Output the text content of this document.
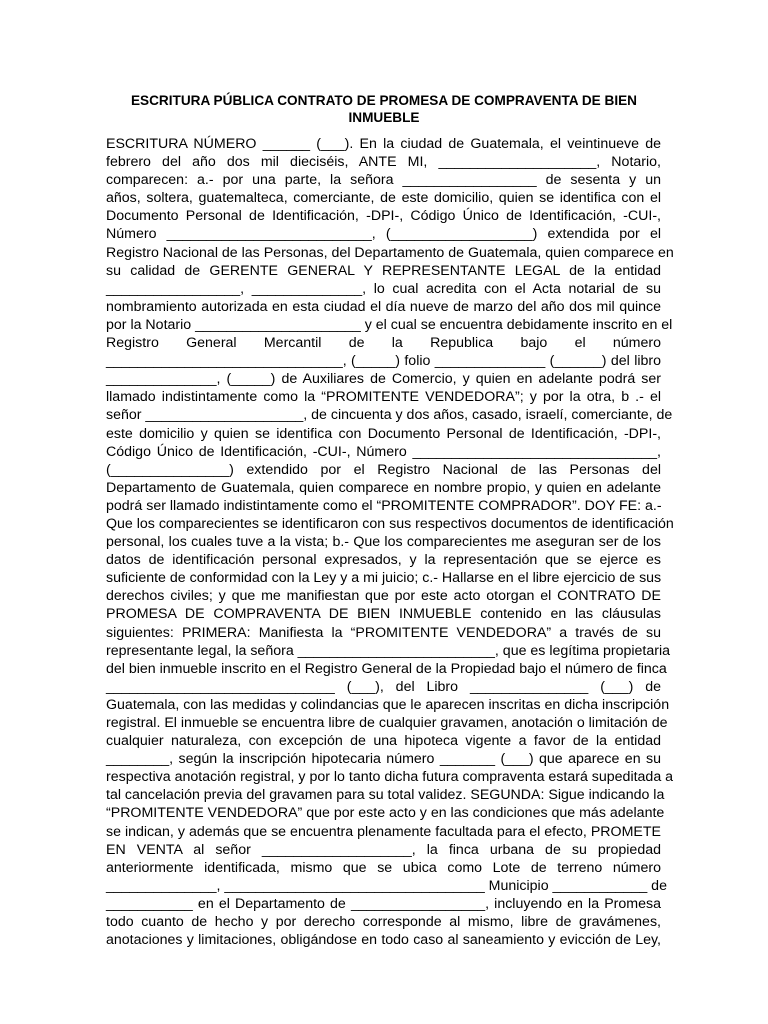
ESCRITURA PÚBLICA CONTRATO DE PROMESA DE COMPRAVENTA DE BIEN
INMUEBLE
ESCRITURA NÚMERO ______ (___). En la ciudad de Guatemala, el veintinueve de
febrero del año dos mil dieciséis, ANTE MI, ____________________, Notario,
comparecen: a.- por una parte, la señora _________________ de sesenta y un
años, soltera, guatemalteca, comerciante, de este domicilio, quien se identifica con el
Documento Personal de Identificación, -DPI-, Código Único de Identificación, -CUI-,
Número __________________________, (__________________) extendida por el
Registro Nacional de las Personas, del Departamento de Guatemala, quien comparece en
su calidad de GERENTE GENERAL Y REPRESENTANTE LEGAL de la entidad
_________________, ______________, lo cual acredita con el Acta notarial de su
nombramiento autorizada en esta ciudad el día nueve de marzo del año dos mil quince
por la Notario _____________________ y el cual se encuentra debidamente inscrito en el
Registro General Mercantil de la Republica bajo el número
______________________________, (_____) folio ______________ (______) del libro
______________, (_____) de Auxiliares de Comercio, y quien en adelante podrá ser
llamado indistintamente como la “PROMITENTE VENDEDORA”; y por la otra, b .- el
señor ____________________, de cincuenta y dos años, casado, israelí, comerciante, de
este domicilio y quien se identifica con Documento Personal de Identificación, -DPI-,
Código Único de Identificación, -CUI-, Número _______________________________,
(_______________) extendido por el Registro Nacional de las Personas del
Departamento de Guatemala, quien comparece en nombre propio, y quien en adelante
podrá ser llamado indistintamente como el “PROMITENTE COMPRADOR”. DOY FE: a.-
Que los comparecientes se identificaron con sus respectivos documentos de identificación
personal, los cuales tuve a la vista; b.- Que los comparecientes me aseguran ser de los
datos de identificación personal expresados, y la representación que se ejerce es
suficiente de conformidad con la Ley y a mi juicio; c.- Hallarse en el libre ejercicio de sus
derechos civiles; y que me manifiestan que por este acto otorgan el CONTRATO DE
PROMESA DE COMPRAVENTA DE BIEN INMUEBLE contenido en las cláusulas
siguientes: PRIMERA: Manifiesta la “PROMITENTE VENDEDORA” a través de su
representante legal, la señora _________________________, que es legítima propietaria
del bien inmueble inscrito en el Registro General de la Propiedad bajo el número de finca
_____________________________ (___), del Libro _______________ (___) de
Guatemala, con las medidas y colindancias que le aparecen inscritas en dicha inscripción
registral. El inmueble se encuentra libre de cualquier gravamen, anotación o limitación de
cualquier naturaleza, con excepción de una hipoteca vigente a favor de la entidad
________, según la inscripción hipotecaria número _______ (___) que aparece en su
respectiva anotación registral, y por lo tanto dicha futura compraventa estará supeditada a
tal cancelación previa del gravamen para su total validez. SEGUNDA: Sigue indicando la
“PROMITENTE VENDEDORA” que por este acto y en las condiciones que más adelante
se indican, y además que se encuentra plenamente facultada para el efecto, PROMETE
EN VENTA al señor ___________________, la finca urbana de su propiedad
anteriormente identificada, mismo que se ubica como Lote de terreno número
______________, _________________________________ Municipio ____________ de
___________ en el Departamento de _________________, incluyendo en la Promesa
todo cuanto de hecho y por derecho corresponde al mismo, libre de gravámenes,
anotaciones y limitaciones, obligándose en todo caso al saneamiento y evicción de Ley,
